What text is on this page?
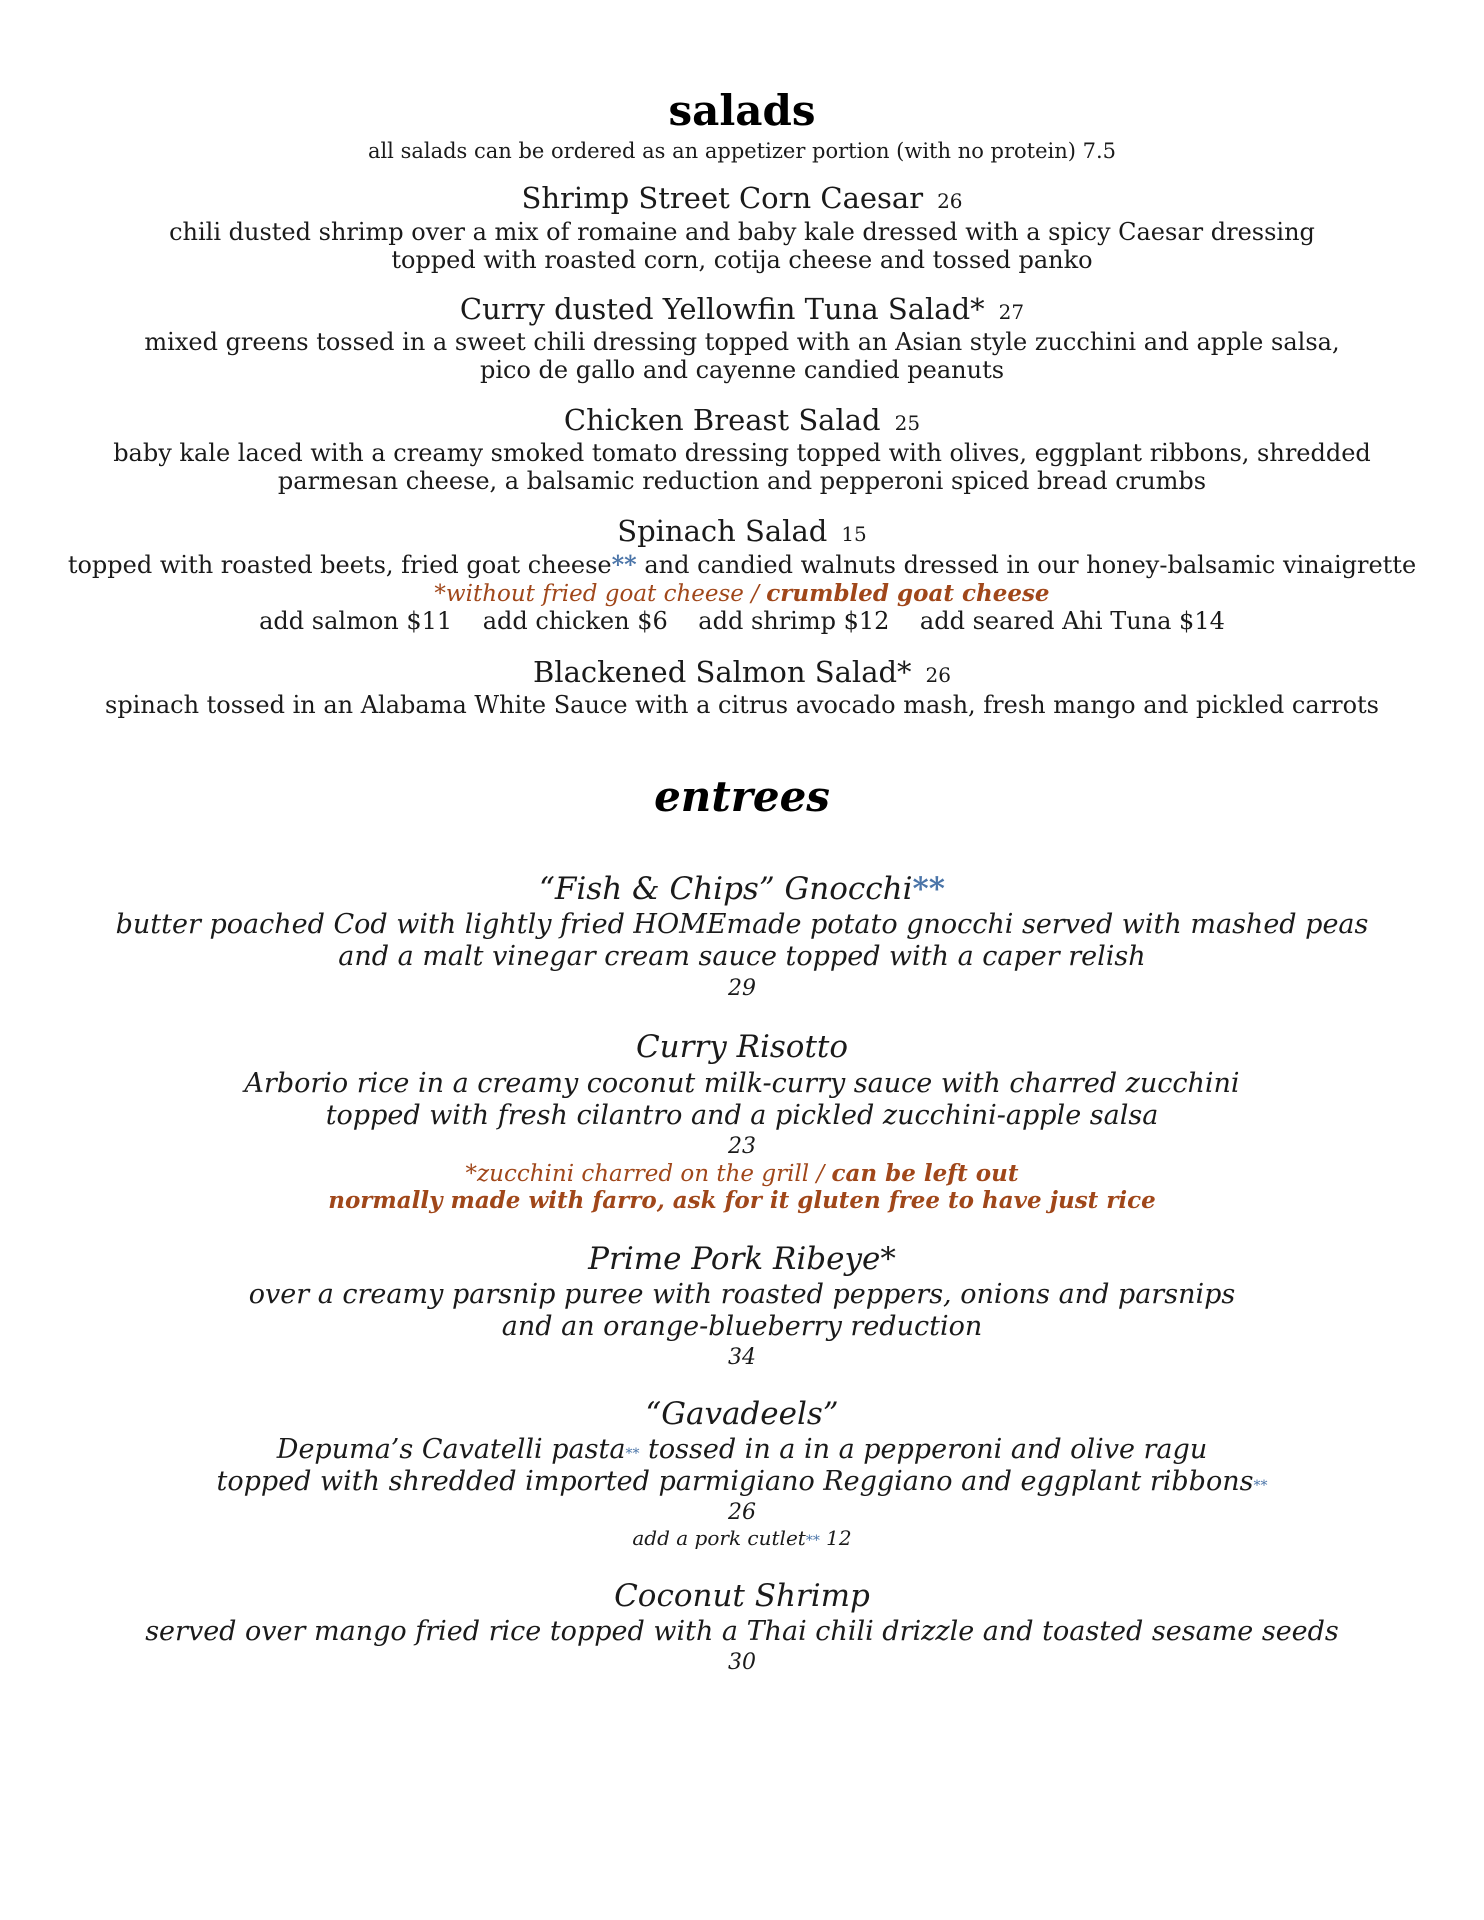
salads
all salads can be ordered as an appetizer portion (with no protein) 7.5
Shrimp Street Corn Caesar 26
chili dusted shrimp over a mix of romaine and baby kale dressed with a spicy Caesar dressing
topped with roasted corn, cotija cheese and tossed panko
Curry dusted Yellowfin Tuna Salad* 27
mixed greens tossed in a sweet chili dressing topped with an Asian style zucchini and apple salsa,
pico de gallo and cayenne candied peanuts
Chicken Breast Salad 25
baby kale laced with a creamy smoked tomato dressing topped with olives, eggplant ribbons, shredded
parmesan cheese, a balsamic reduction and pepperoni spiced bread crumbs
Spinach Salad 15
topped with roasted beets, fried goat cheese** and candied walnuts dressed in our honey-balsamic vinaigrette
*without fried goat cheese / crumbled goat cheese
add salmon $11    add chicken $6    add shrimp $12    add seared Ahi Tuna $14
Blackened Salmon Salad* 26
spinach tossed in an Alabama White Sauce with a citrus avocado mash, fresh mango and pickled carrots
entrees
“Fish & Chips” Gnocchi**
butter poached Cod with lightly fried HOMEmade potato gnocchi served with mashed peas
and a malt vinegar cream sauce topped with a caper relish
29
Curry Risotto
Arborio rice in a creamy coconut milk-curry sauce with charred zucchini
topped with fresh cilantro and a pickled zucchini-apple salsa
23
*zucchini charred on the grill / can be left out
normally made with farro, ask for it gluten free to have just rice
Prime Pork Ribeye*
over a creamy parsnip puree with roasted peppers, onions and parsnips
and an orange-blueberry reduction
34
“Gavadeels”
Depuma’s Cavatelli pasta** tossed in a in a pepperoni and olive ragu
topped with shredded imported parmigiano Reggiano and eggplant ribbons**
26
add a pork cutlet** 12
Coconut Shrimp
served over mango fried rice topped with a Thai chili drizzle and toasted sesame seeds
30
